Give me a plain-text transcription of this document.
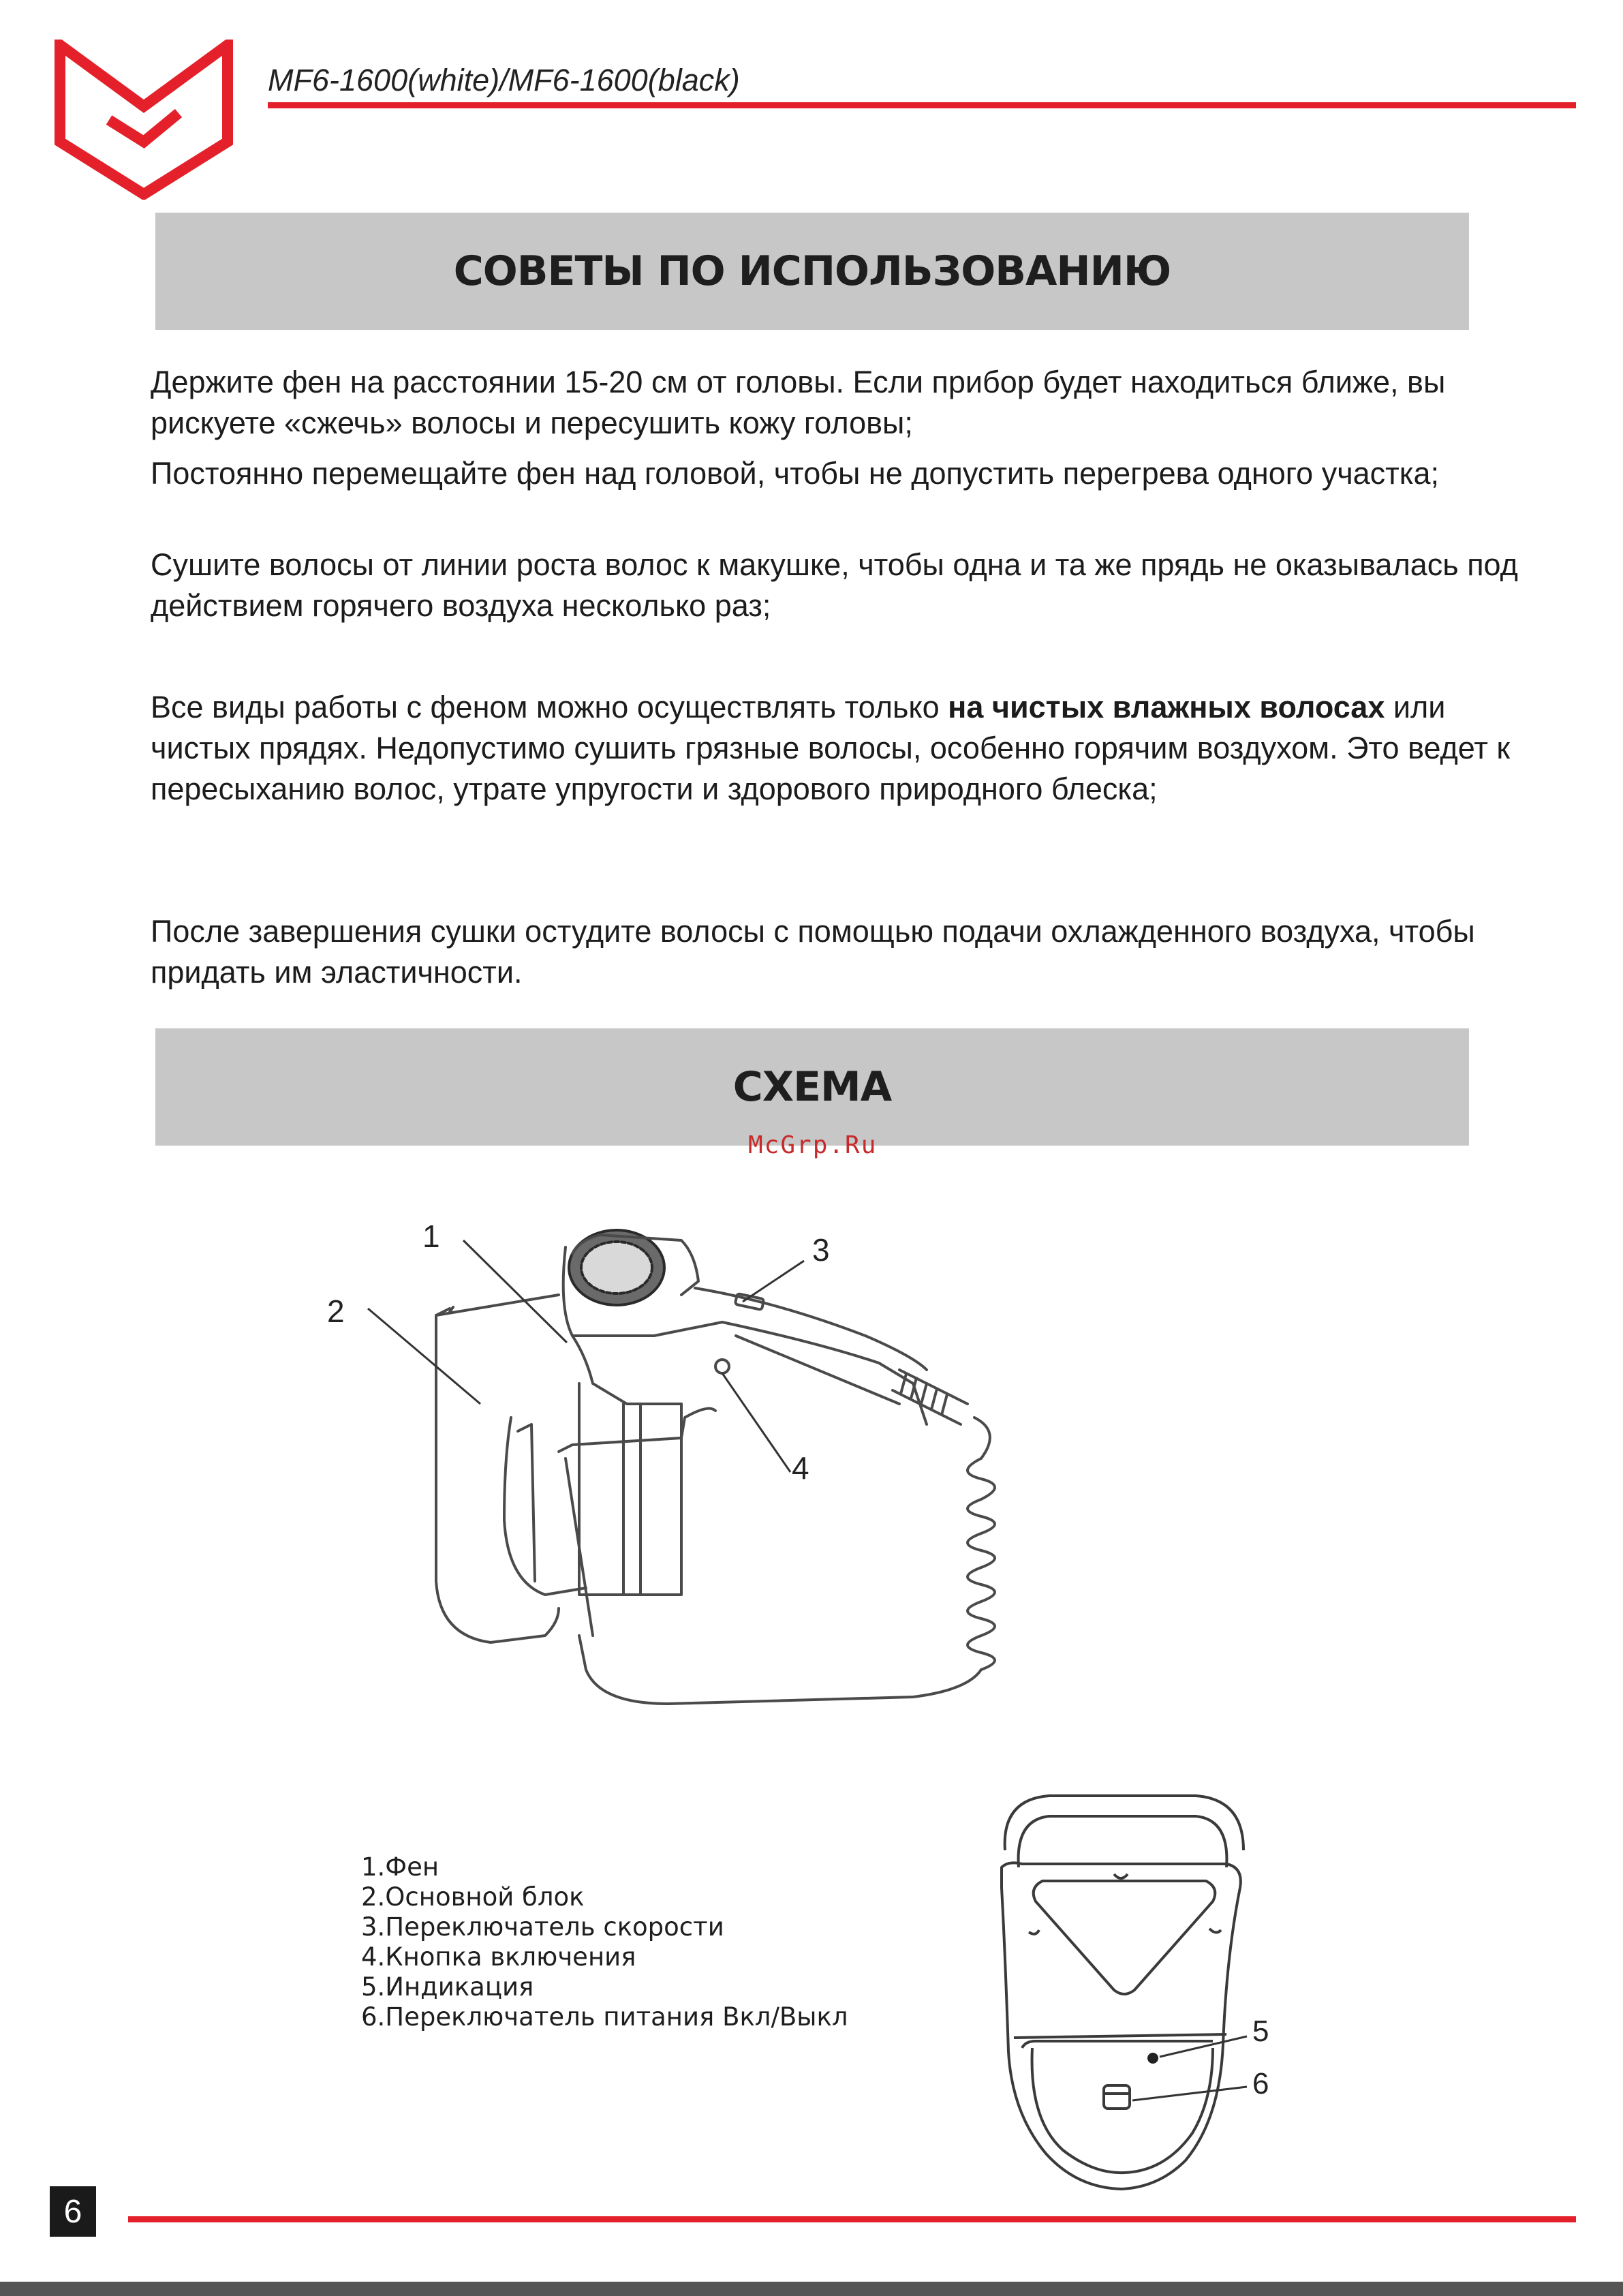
MF6-1600(white)/MF6-1600(black)
СОВЕТЫ ПО ИСПОЛЬЗОВАНИЮ

Держите фен на расстоянии 15-20 см от головы. Если прибор будет находиться ближе, вы рискуете «сжечь» волосы и пересушить кожу головы;

Постоянно перемещайте фен над головой, чтобы не допустить перегрева одного участка;

Сушите волосы от линии роста волос к макушке, чтобы одна и та же прядь не оказывалась под действием горячего воздуха несколько раз;

Все виды работы с феном можно осуществлять только на чистых влажных волосах или чистых прядях. Недопустимо сушить грязные волосы, особенно горячим воздухом. Это ведет к пересыханию волос, утрате упругости и здорового природного блеска;

После завершения сушки остудите волосы с помощью подачи охлажденного воздуха, чтобы придать им эластичности.

СХЕМА
McGrp.Ru
1
2
3
4
1.Фен
2.Основной блок
3.Переключатель скорости
4.Кнопка включения
5.Индикация
6.Переключатель питания Вкл/Выкл	5
6
6
